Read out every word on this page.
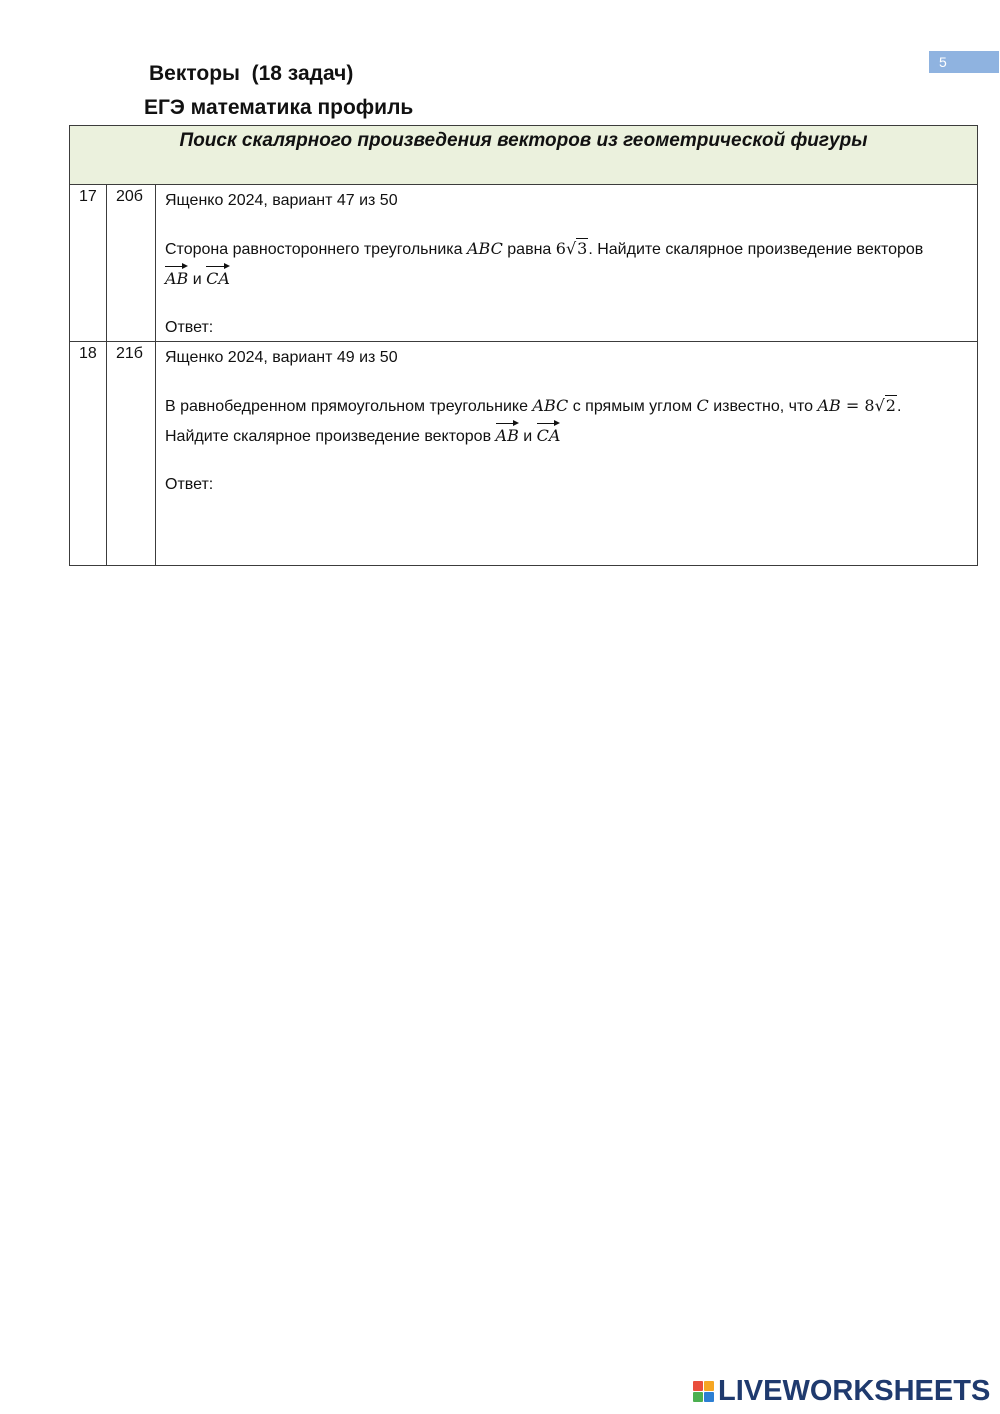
5
Векторы  (18 задач)
ЕГЭ математика профиль
Поиск скалярного произведения векторов из геометрической фигуры		
17	20б	Ященко 2024, вариант 47 из 50
Сторона равностороннего треугольника ABC равна 6√3. Найдите скалярное произведение векторов
AB и CA
Ответ:

18	21б	Ященко 2024, вариант 49 из 50
В равнобедренном прямоугольном треугольнике ABC с прямым углом C известно, что AB = 8√2.
Найдите скалярное произведение векторов AB и CA
Ответ:
LIVEWORKSHEETS
